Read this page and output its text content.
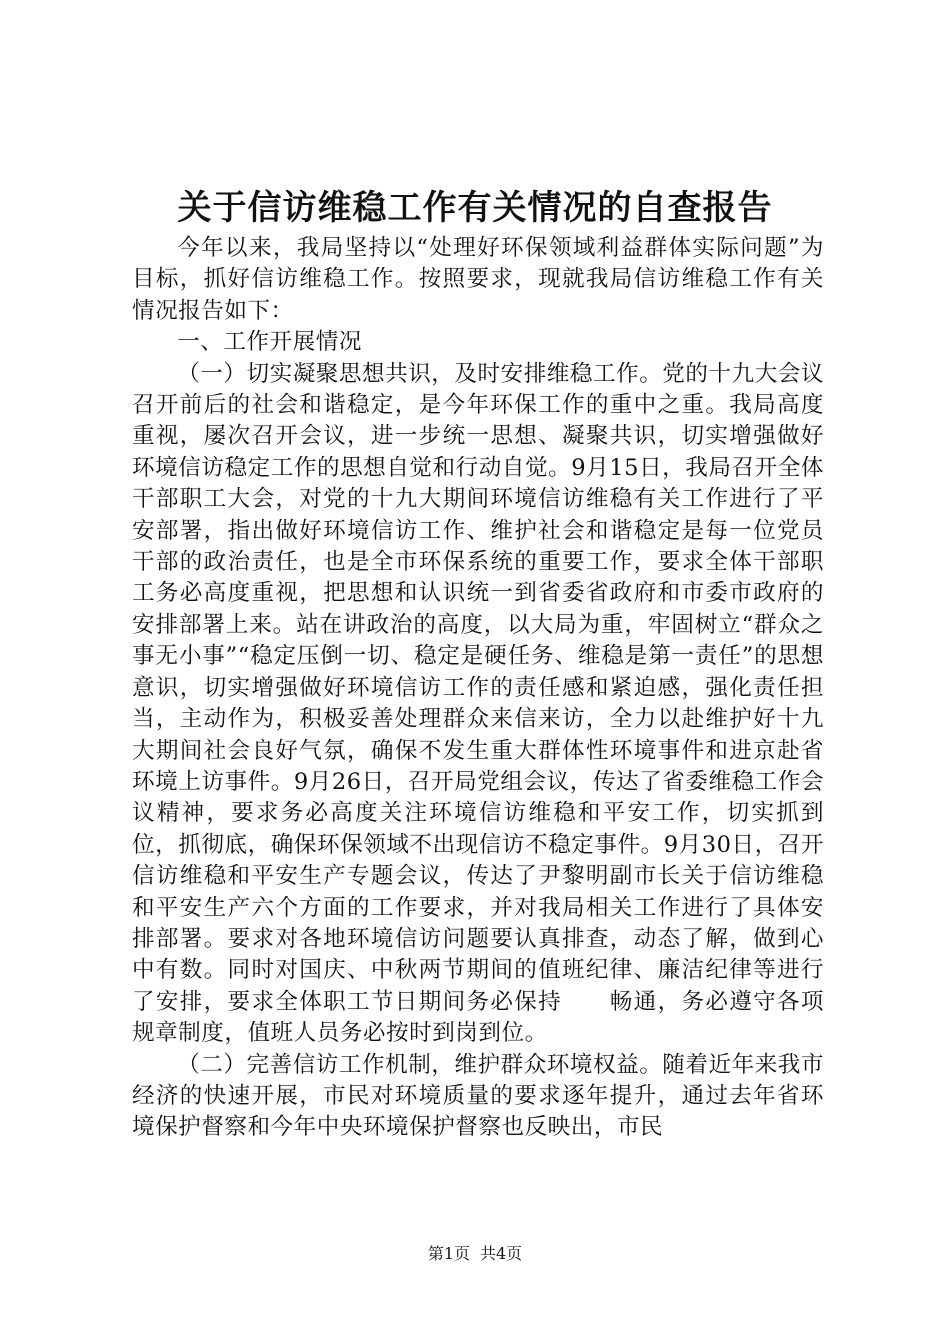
关于信访维稳工作有关情况的自查报告

今年以来，我局坚持以“处理好环保领域利益群体实际问题”为目标，抓好信访维稳工作。按照要求，现就我局信访维稳工作有关情况报告如下：

一、工作开展情况

（一）切实凝聚思想共识，及时安排维稳工作。党的十九大会议召开前后的社会和谐稳定，是今年环保工作的重中之重。我局高度重视，屡次召开会议，进一步统一思想、凝聚共识，切实增强做好环境信访稳定工作的思想自觉和行动自觉。9月15日，我局召开全体干部职工大会，对党的十九大期间环境信访维稳有关工作进行了平安部署，指出做好环境信访工作、维护社会和谐稳定是每一位党员干部的政治责任，也是全市环保系统的重要工作，要求全体干部职工务必高度重视，把思想和认识统一到省委省政府和市委市政府的安排部署上来。站在讲政治的高度，以大局为重，牢固树立“群众之事无小事”“稳定压倒一切、稳定是硬任务、维稳是第一责任”的思想意识，切实增强做好环境信访工作的责任感和紧迫感，强化责任担当，主动作为，积极妥善处理群众来信来访，全力以赴维护好十九大期间社会良好气氛，确保不发生重大群体性环境事件和进京赴省环境上访事件。9月26日，召开局党组会议，传达了省委维稳工作会议精神，要求务必高度关注环境信访维稳和平安工作，切实抓到位，抓彻底，确保环保领域不出现信访不稳定事件。9月30日，召开信访维稳和平安生产专题会议，传达了尹黎明副市长关于信访维稳和平安生产六个方面的工作要求，并对我局相关工作进行了具体安排部署。要求对各地环境信访问题要认真排查，动态了解，做到心中有数。同时对国庆、中秋两节期间的值班纪律、廉洁纪律等进行了安排，要求全体职工节日期间务必保持　　畅通，务必遵守各项规章制度，值班人员务必按时到岗到位。

（二）完善信访工作机制，维护群众环境权益。随着近年来我市经济的快速开展，市民对环境质量的要求逐年提升，通过去年省环境保护督察和今年中央环境保护督察也反映出，市民

第1页 共4页
